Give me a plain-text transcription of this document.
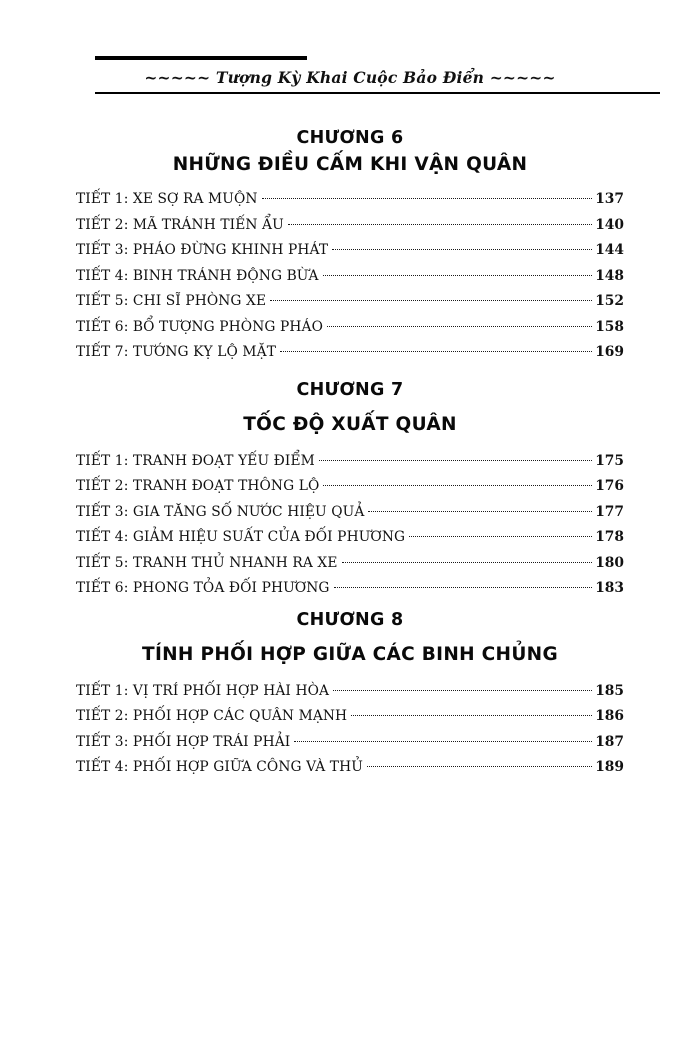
~~~~~ Tượng Kỳ Khai Cuộc Bảo Điển ~~~~~
CHƯƠNG 6
NHỮNG ĐIỀU CẤM KHI VẬN QUÂN
TIẾT 1: XE SỢ RA MUỘN	137
TIẾT 2: MÃ TRÁNH TIẾN ẨU	140
TIẾT 3: PHÁO ĐỪNG KHINH PHÁT	144
TIẾT 4: BINH TRÁNH ĐỘNG BỪA	148
TIẾT 5: CHI SĨ PHÒNG XE	152
TIẾT 6: BỔ TƯỢNG PHÒNG PHÁO	158
TIẾT 7: TƯỚNG KỴ LỘ MẶT	169
CHƯƠNG 7
TỐC ĐỘ XUẤT QUÂN
TIẾT 1: TRANH ĐOẠT YẾU ĐIỂM	175
TIẾT 2: TRANH ĐOẠT THÔNG LỘ	176
TIẾT 3: GIA TĂNG SỐ NƯỚC HIỆU QUẢ	177
TIẾT 4: GIẢM HIỆU SUẤT CỦA ĐỐI PHƯƠNG	178
TIẾT 5: TRANH THỦ NHANH RA XE	180
TIẾT 6: PHONG TỎA ĐỐI PHƯƠNG	183
CHƯƠNG 8
TÍNH PHỐI HỢP GIỮA CÁC BINH CHỦNG
TIẾT 1: VỊ TRÍ PHỐI HỢP HÀI HÒA	185
TIẾT 2: PHỐI HỢP CÁC QUÂN MẠNH	186
TIẾT 3: PHỐI HỢP TRÁI PHẢI	187
TIẾT 4: PHỐI HỢP GIỮA CÔNG VÀ THỦ	189
